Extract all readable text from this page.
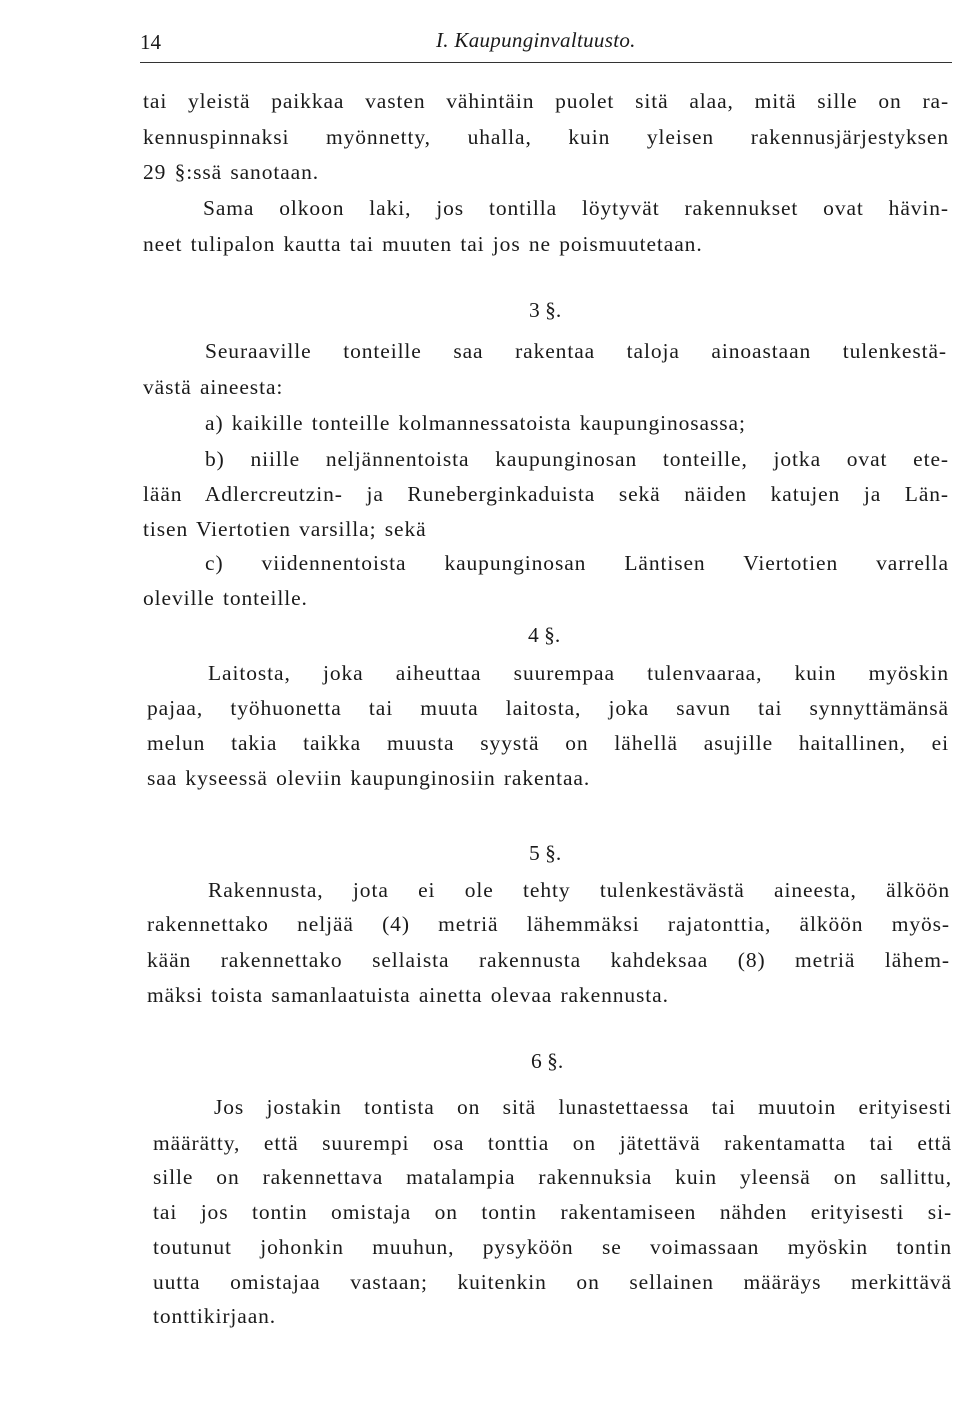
14	I. Kaupunginvaltuusto.
tai yleistä paikkaa vasten vähintäin puolet sitä alaa, mitä sille on ra-
kennuspinnaksi myönnetty, uhalla, kuin yleisen rakennusjärjestyksen
29 §:ssä sanotaan.
Sama olkoon laki, jos tontilla löytyvät rakennukset ovat hävin-
neet tulipalon kautta tai muuten tai jos ne poismuutetaan.
3 §.
Seuraaville tonteille saa rakentaa taloja ainoastaan tulenkestä-
västä aineesta:
a) kaikille tonteille kolmannessatoista kaupunginosassa;
b) niille neljännentoista kaupunginosan tonteille, jotka ovat ete-
lään Adlercreutzin- ja Runeberginkaduista sekä näiden katujen ja Län-
tisen Viertotien varsilla; sekä
c) viidennentoista kaupunginosan Läntisen Viertotien varrella
oleville tonteille.
4 §.
Laitosta, joka aiheuttaa suurempaa tulenvaaraa, kuin myöskin
pajaa, työhuonetta tai muuta laitosta, joka savun tai synnyttämänsä
melun takia taikka muusta syystä on lähellä asujille haitallinen, ei
saa kyseessä oleviin kaupunginosiin rakentaa.
5 §.
Rakennusta, jota ei ole tehty tulenkestävästä aineesta, älköön
rakennettako neljää (4) metriä lähemmäksi rajatonttia, älköön myös-
kään rakennettako sellaista rakennusta kahdeksaa (8) metriä lähem-
mäksi toista samanlaatuista ainetta olevaa rakennusta.
6 §.
Jos jostakin tontista on sitä lunastettaessa tai muutoin erityisesti
määrätty, että suurempi osa tonttia on jätettävä rakentamatta tai että
sille on rakennettava matalampia rakennuksia kuin yleensä on sallittu,
tai jos tontin omistaja on tontin rakentamiseen nähden erityisesti si-
toutunut johonkin muuhun, pysyköön se voimassaan myöskin tontin
uutta omistajaa vastaan; kuitenkin on sellainen määräys merkittävä
tonttikirjaan.
